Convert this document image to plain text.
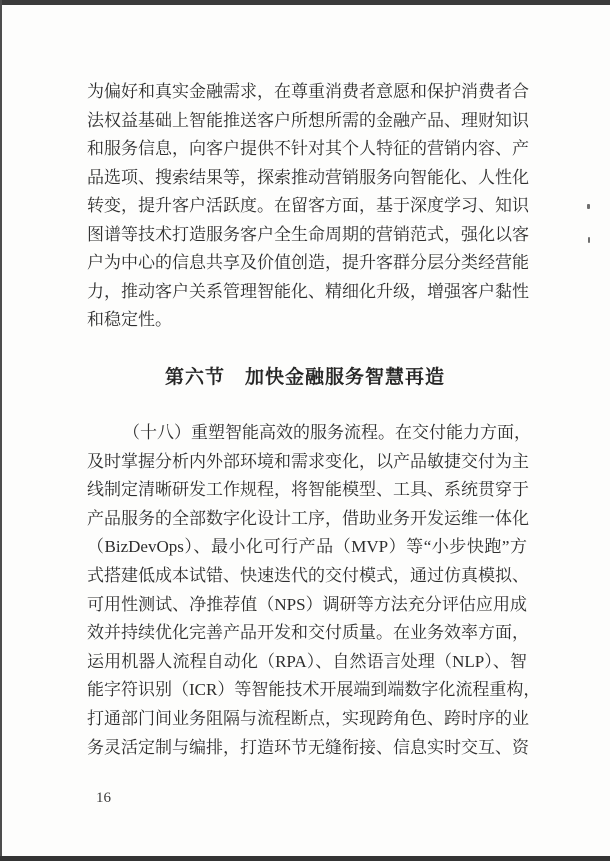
为偏好和真实金融需求，在尊重消费者意愿和保护消费者合
法权益基础上智能推送客户所想所需的金融产品、理财知识
和服务信息，向客户提供不针对其个人特征的营销内容、产
品选项、搜索结果等，探索推动营销服务向智能化、人性化
转变，提升客户活跃度。在留客方面，基于深度学习、知识
图谱等技术打造服务客户全生命周期的营销范式，强化以客
户为中心的信息共享及价值创造，提升客群分层分类经营能
力，推动客户关系管理智能化、精细化升级，增强客户黏性
和稳定性。
第六节　加快金融服务智慧再造
（十八）重塑智能高效的服务流程。在交付能力方面，
及时掌握分析内外部环境和需求变化，以产品敏捷交付为主
线制定清晰研发工作规程，将智能模型、工具、系统贯穿于
产品服务的全部数字化设计工序，借助业务开发运维一体化
（BizDevOps）、最小化可行产品（MVP）等“小步快跑”方
式搭建低成本试错、快速迭代的交付模式，通过仿真模拟、
可用性测试、净推荐值（NPS）调研等方法充分评估应用成
效并持续优化完善产品开发和交付质量。在业务效率方面，
运用机器人流程自动化（RPA）、自然语言处理（NLP）、智
能字符识别（ICR）等智能技术开展端到端数字化流程重构，
打通部门间业务阻隔与流程断点，实现跨角色、跨时序的业
务灵活定制与编排，打造环节无缝衔接、信息实时交互、资
16
